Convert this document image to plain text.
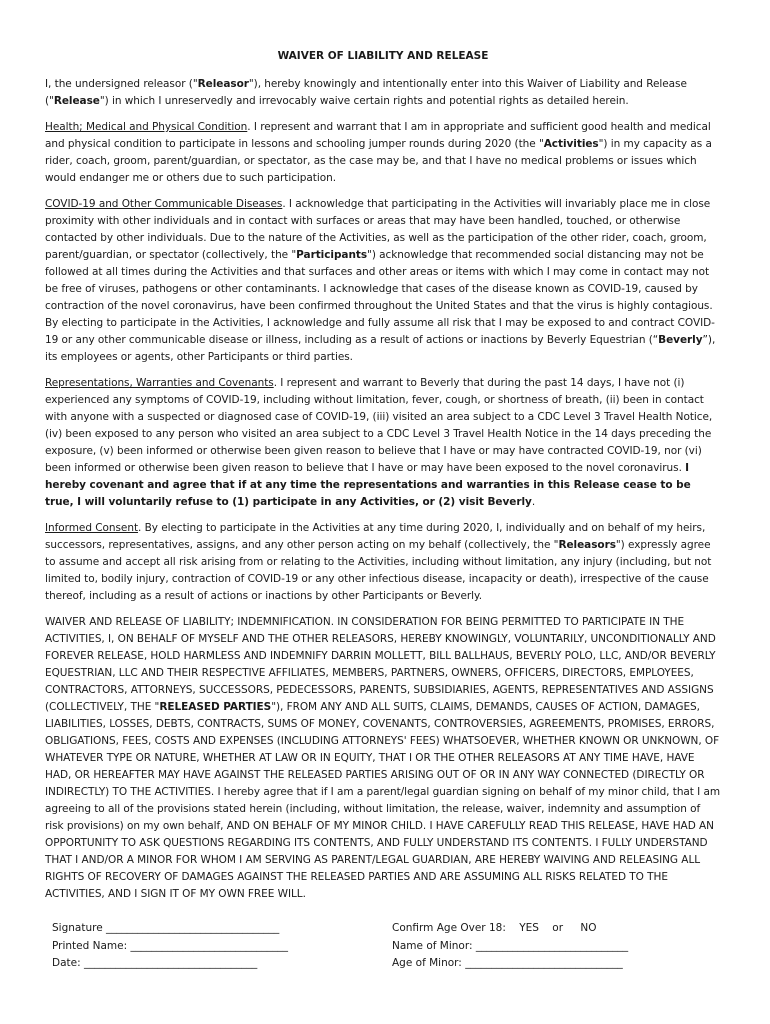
WAIVER OF LIABILITY AND RELEASE

I, the undersigned releasor ("Releasor"), hereby knowingly and intentionally enter into this Waiver of Liability and Release ("Release") in which I unreservedly and irrevocably waive certain rights and potential rights as detailed herein.

Health; Medical and Physical Condition. I represent and warrant that I am in appropriate and sufficient good health and medical and physical condition to participate in lessons and schooling jumper rounds during 2020 (the "Activities") in my capacity as a rider, coach, groom, parent/guardian, or spectator, as the case may be, and that I have no medical problems or issues which would endanger me or others due to such participation.

COVID-19 and Other Communicable Diseases. I acknowledge that participating in the Activities will invariably place me in close proximity with other individuals and in contact with surfaces or areas that may have been handled, touched, or otherwise contacted by other individuals. Due to the nature of the Activities, as well as the participation of the other rider, coach, groom, parent/guardian, or spectator (collectively, the "Participants") acknowledge that recommended social distancing may not be followed at all times during the Activities and that surfaces and other areas or items with which I may come in contact may not be free of viruses, pathogens or other contaminants. I acknowledge that cases of the disease known as COVID-19, caused by contraction of the novel coronavirus, have been confirmed throughout the United States and that the virus is highly contagious. By electing to participate in the Activities, I acknowledge and fully assume all risk that I may be exposed to and contract COVID-19 or any other communicable disease or illness, including as a result of actions or inactions by Beverly Equestrian (“Beverly”), its employees or agents, other Participants or third parties.

Representations, Warranties and Covenants. I represent and warrant to Beverly that during the past 14 days, I have not (i) experienced any symptoms of COVID-19, including without limitation, fever, cough, or shortness of breath, (ii) been in contact with anyone with a suspected or diagnosed case of COVID-19, (iii) visited an area subject to a CDC Level 3 Travel Health Notice, (iv) been exposed to any person who visited an area subject to a CDC Level 3 Travel Health Notice in the 14 days preceding the exposure, (v) been informed or otherwise been given reason to believe that I have or may have contracted COVID-19, nor (vi) been informed or otherwise been given reason to believe that I have or may have been exposed to the novel coronavirus. I hereby covenant and agree that if at any time the representations and warranties in this Release cease to be true, I will voluntarily refuse to (1) participate in any Activities, or (2) visit Beverly.

Informed Consent. By electing to participate in the Activities at any time during 2020, I, individually and on behalf of my heirs, successors, representatives, assigns, and any other person acting on my behalf (collectively, the "Releasors") expressly agree to assume and accept all risk arising from or relating to the Activities, including without limitation, any injury (including, but not limited to, bodily injury, contraction of COVID-19 or any other infectious disease, incapacity or death), irrespective of the cause thereof, including as a result of actions or inactions by other Participants or Beverly.

WAIVER AND RELEASE OF LIABILITY; INDEMNIFICATION. IN CONSIDERATION FOR BEING PERMITTED TO PARTICIPATE IN THE ACTIVITIES, I, ON BEHALF OF MYSELF AND THE OTHER RELEASORS, HEREBY KNOWINGLY, VOLUNTARILY, UNCONDITIONALLY AND FOREVER RELEASE, HOLD HARMLESS AND INDEMNIFY DARRIN MOLLETT, BILL BALLHAUS, BEVERLY POLO, LLC, AND/OR BEVERLY EQUESTRIAN, LLC AND THEIR RESPECTIVE AFFILIATES, MEMBERS, PARTNERS, OWNERS, OFFICERS, DIRECTORS, EMPLOYEES, CONTRACTORS, ATTORNEYS, SUCCESSORS, PEDECESSORS, PARENTS, SUBSIDIARIES, AGENTS, REPRESENTATIVES AND ASSIGNS (COLLECTIVELY, THE "RELEASED PARTIES"), FROM ANY AND ALL SUITS, CLAIMS, DEMANDS, CAUSES OF ACTION, DAMAGES, LIABILITIES, LOSSES, DEBTS, CONTRACTS, SUMS OF MONEY, COVENANTS, CONTROVERSIES, AGREEMENTS, PROMISES, ERRORS, OBLIGATIONS, FEES, COSTS AND EXPENSES (INCLUDING ATTORNEYS' FEES) WHATSOEVER, WHETHER KNOWN OR UNKNOWN, OF WHATEVER TYPE OR NATURE, WHETHER AT LAW OR IN EQUITY, THAT I OR THE OTHER RELEASORS AT ANY TIME HAVE, HAVE HAD, OR HEREAFTER MAY HAVE AGAINST THE RELEASED PARTIES ARISING OUT OF OR IN ANY WAY CONNECTED (DIRECTLY OR INDIRECTLY) TO THE ACTIVITIES. I hereby agree that if I am a parent/legal guardian signing on behalf of my minor child, that I am agreeing to all of the provisions stated herein (including, without limitation, the release, waiver, indemnity and assumption of risk provisions) on my own behalf, AND ON BEHALF OF MY MINOR CHILD. I HAVE CAREFULLY READ THIS RELEASE, HAVE HAD AN OPPORTUNITY TO ASK QUESTIONS REGARDING ITS CONTENTS, AND FULLY UNDERSTAND ITS CONTENTS. I FULLY UNDERSTAND THAT I AND/OR A MINOR FOR WHOM I AM SERVING AS PARENT/LEGAL GUARDIAN, ARE HEREBY WAIVING AND RELEASING ALL RIGHTS OF RECOVERY OF DAMAGES AGAINST THE RELEASED PARTIES AND ARE ASSUMING ALL RISKS RELATED TO THE ACTIVITIES, AND I SIGN IT OF MY OWN FREE WILL.

Signature _________________________________
Printed Name: ______________________________
Date: _________________________________
Confirm Age Over 18: YES or NO
Name of Minor: _____________________________
Age of Minor: ______________________________
